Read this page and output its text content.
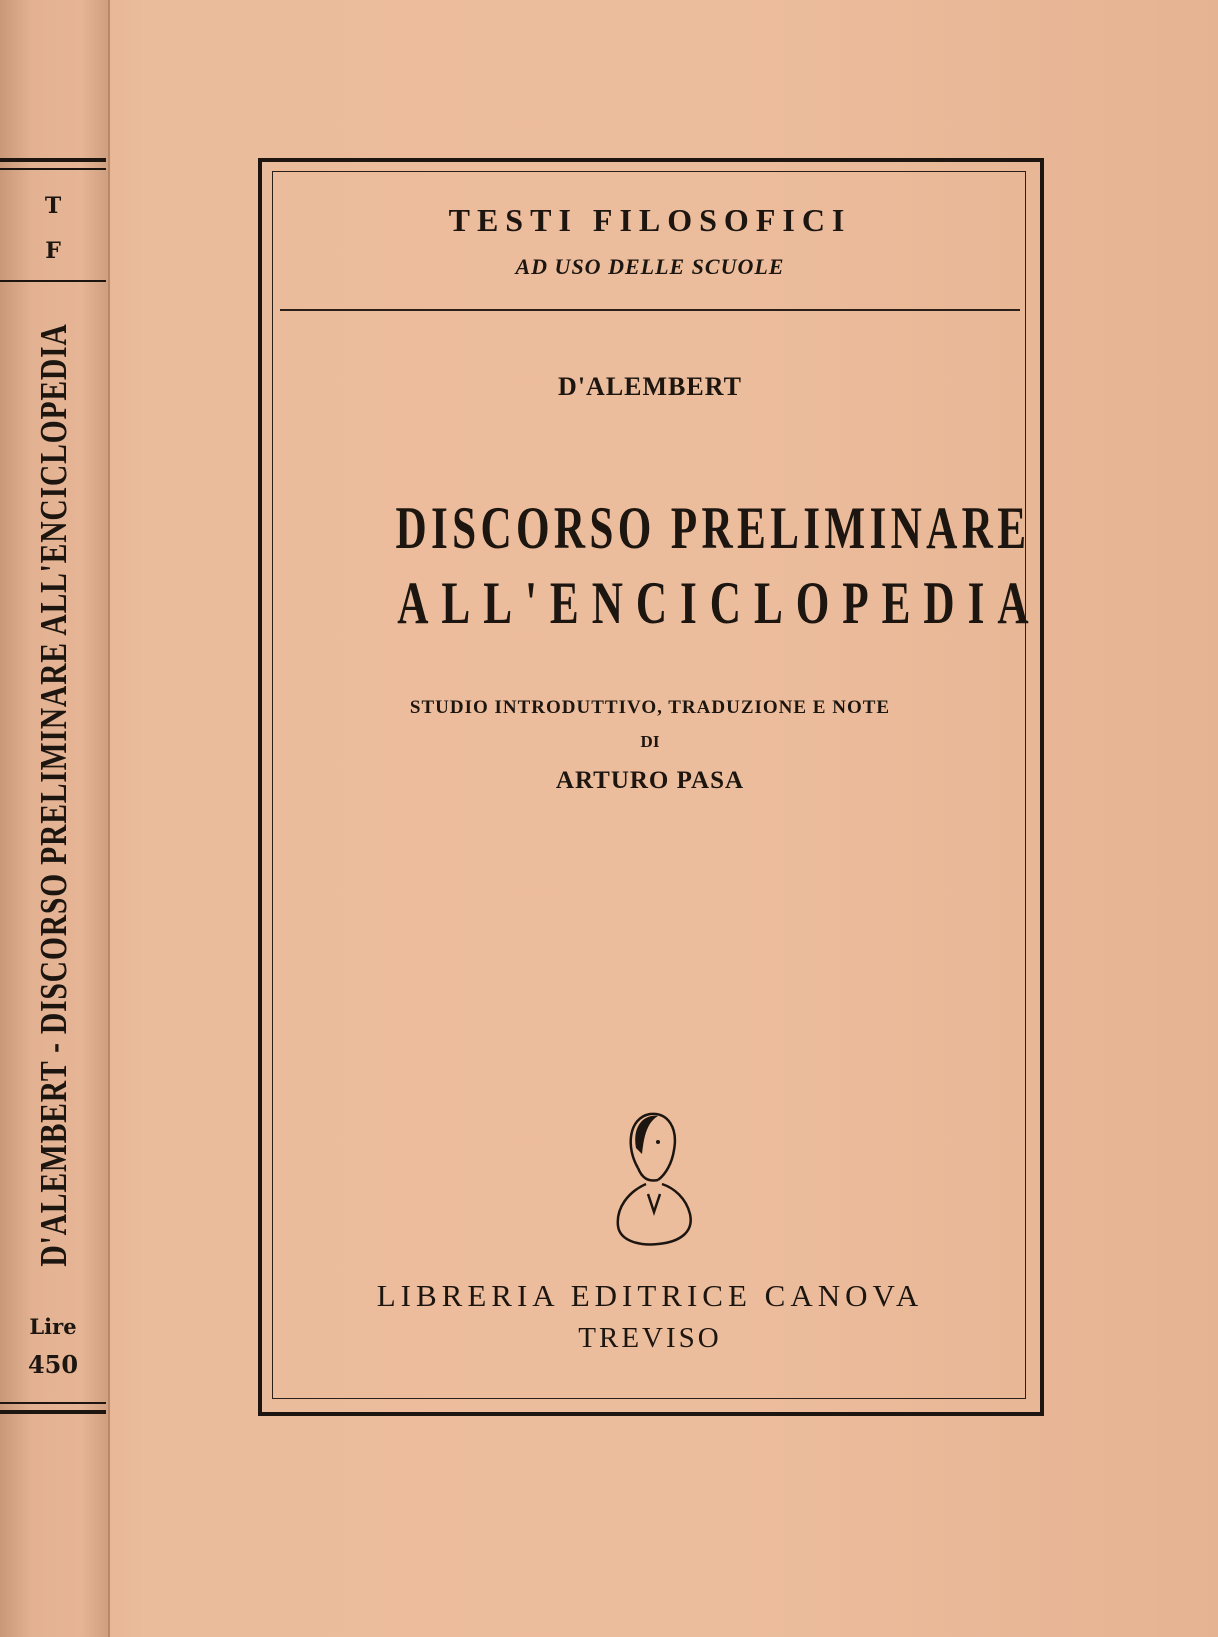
T
F
D'ALEMBERT - DISCORSO PRELIMINARE ALL'ENCICLOPEDIA
Lire
450
TESTI FILOSOFICI
AD USO DELLE SCUOLE
D'ALEMBERT
DISCORSO PRELIMINARE
ALL'ENCICLOPEDIA
STUDIO INTRODUTTIVO, TRADUZIONE E NOTE
DI
ARTURO PASA
LIBRERIA EDITRICE CANOVA
TREVISO
